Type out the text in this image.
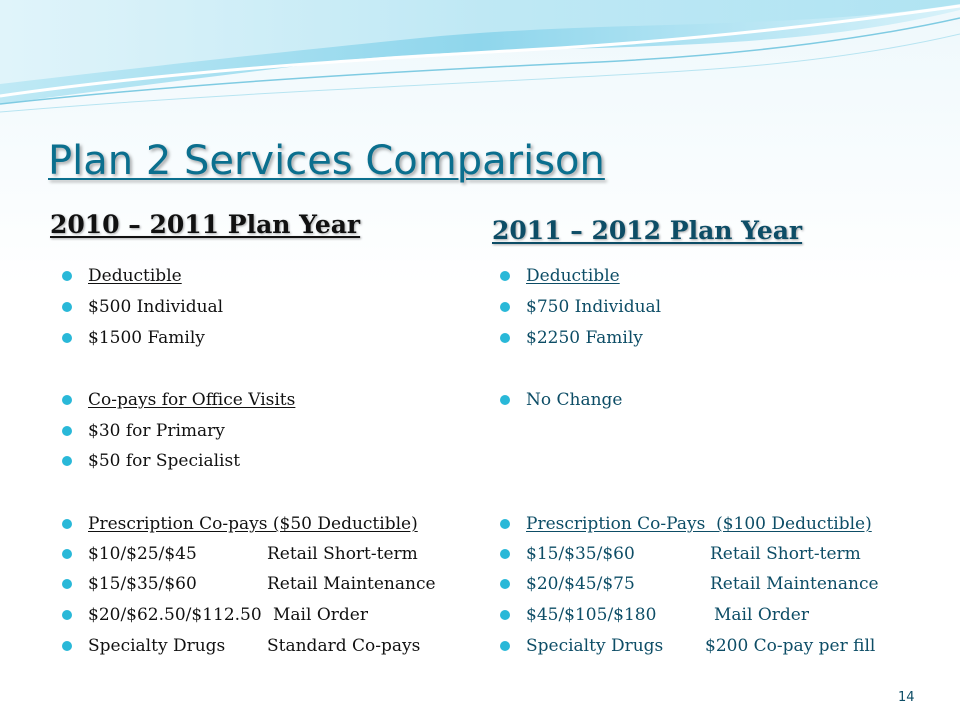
Plan 2 Services Comparison
2010 – 2011 Plan Year	2011 – 2012 Plan Year
Deductible
$500 Individual
$1500 Family
Co-pays for Office Visits
$30 for Primary
$50 for Specialist
Prescription Co-pays ($50 Deductible)
$10/$25/$45	Retail Short-term
$15/$35/$60	Retail Maintenance
$20/$62.50/$112.50 Mail Order
Specialty Drugs Standard Co-pays
Deductible
$750 Individual
$2250 Family
No Change
Prescription Co-Pays  ($100 Deductible)
$15/$35/$60	Retail Short-term
$20/$45/$75	Retail Maintenance
$45/$105/$180	Mail Order
Specialty Drugs $200 Co-pay per fill
14
